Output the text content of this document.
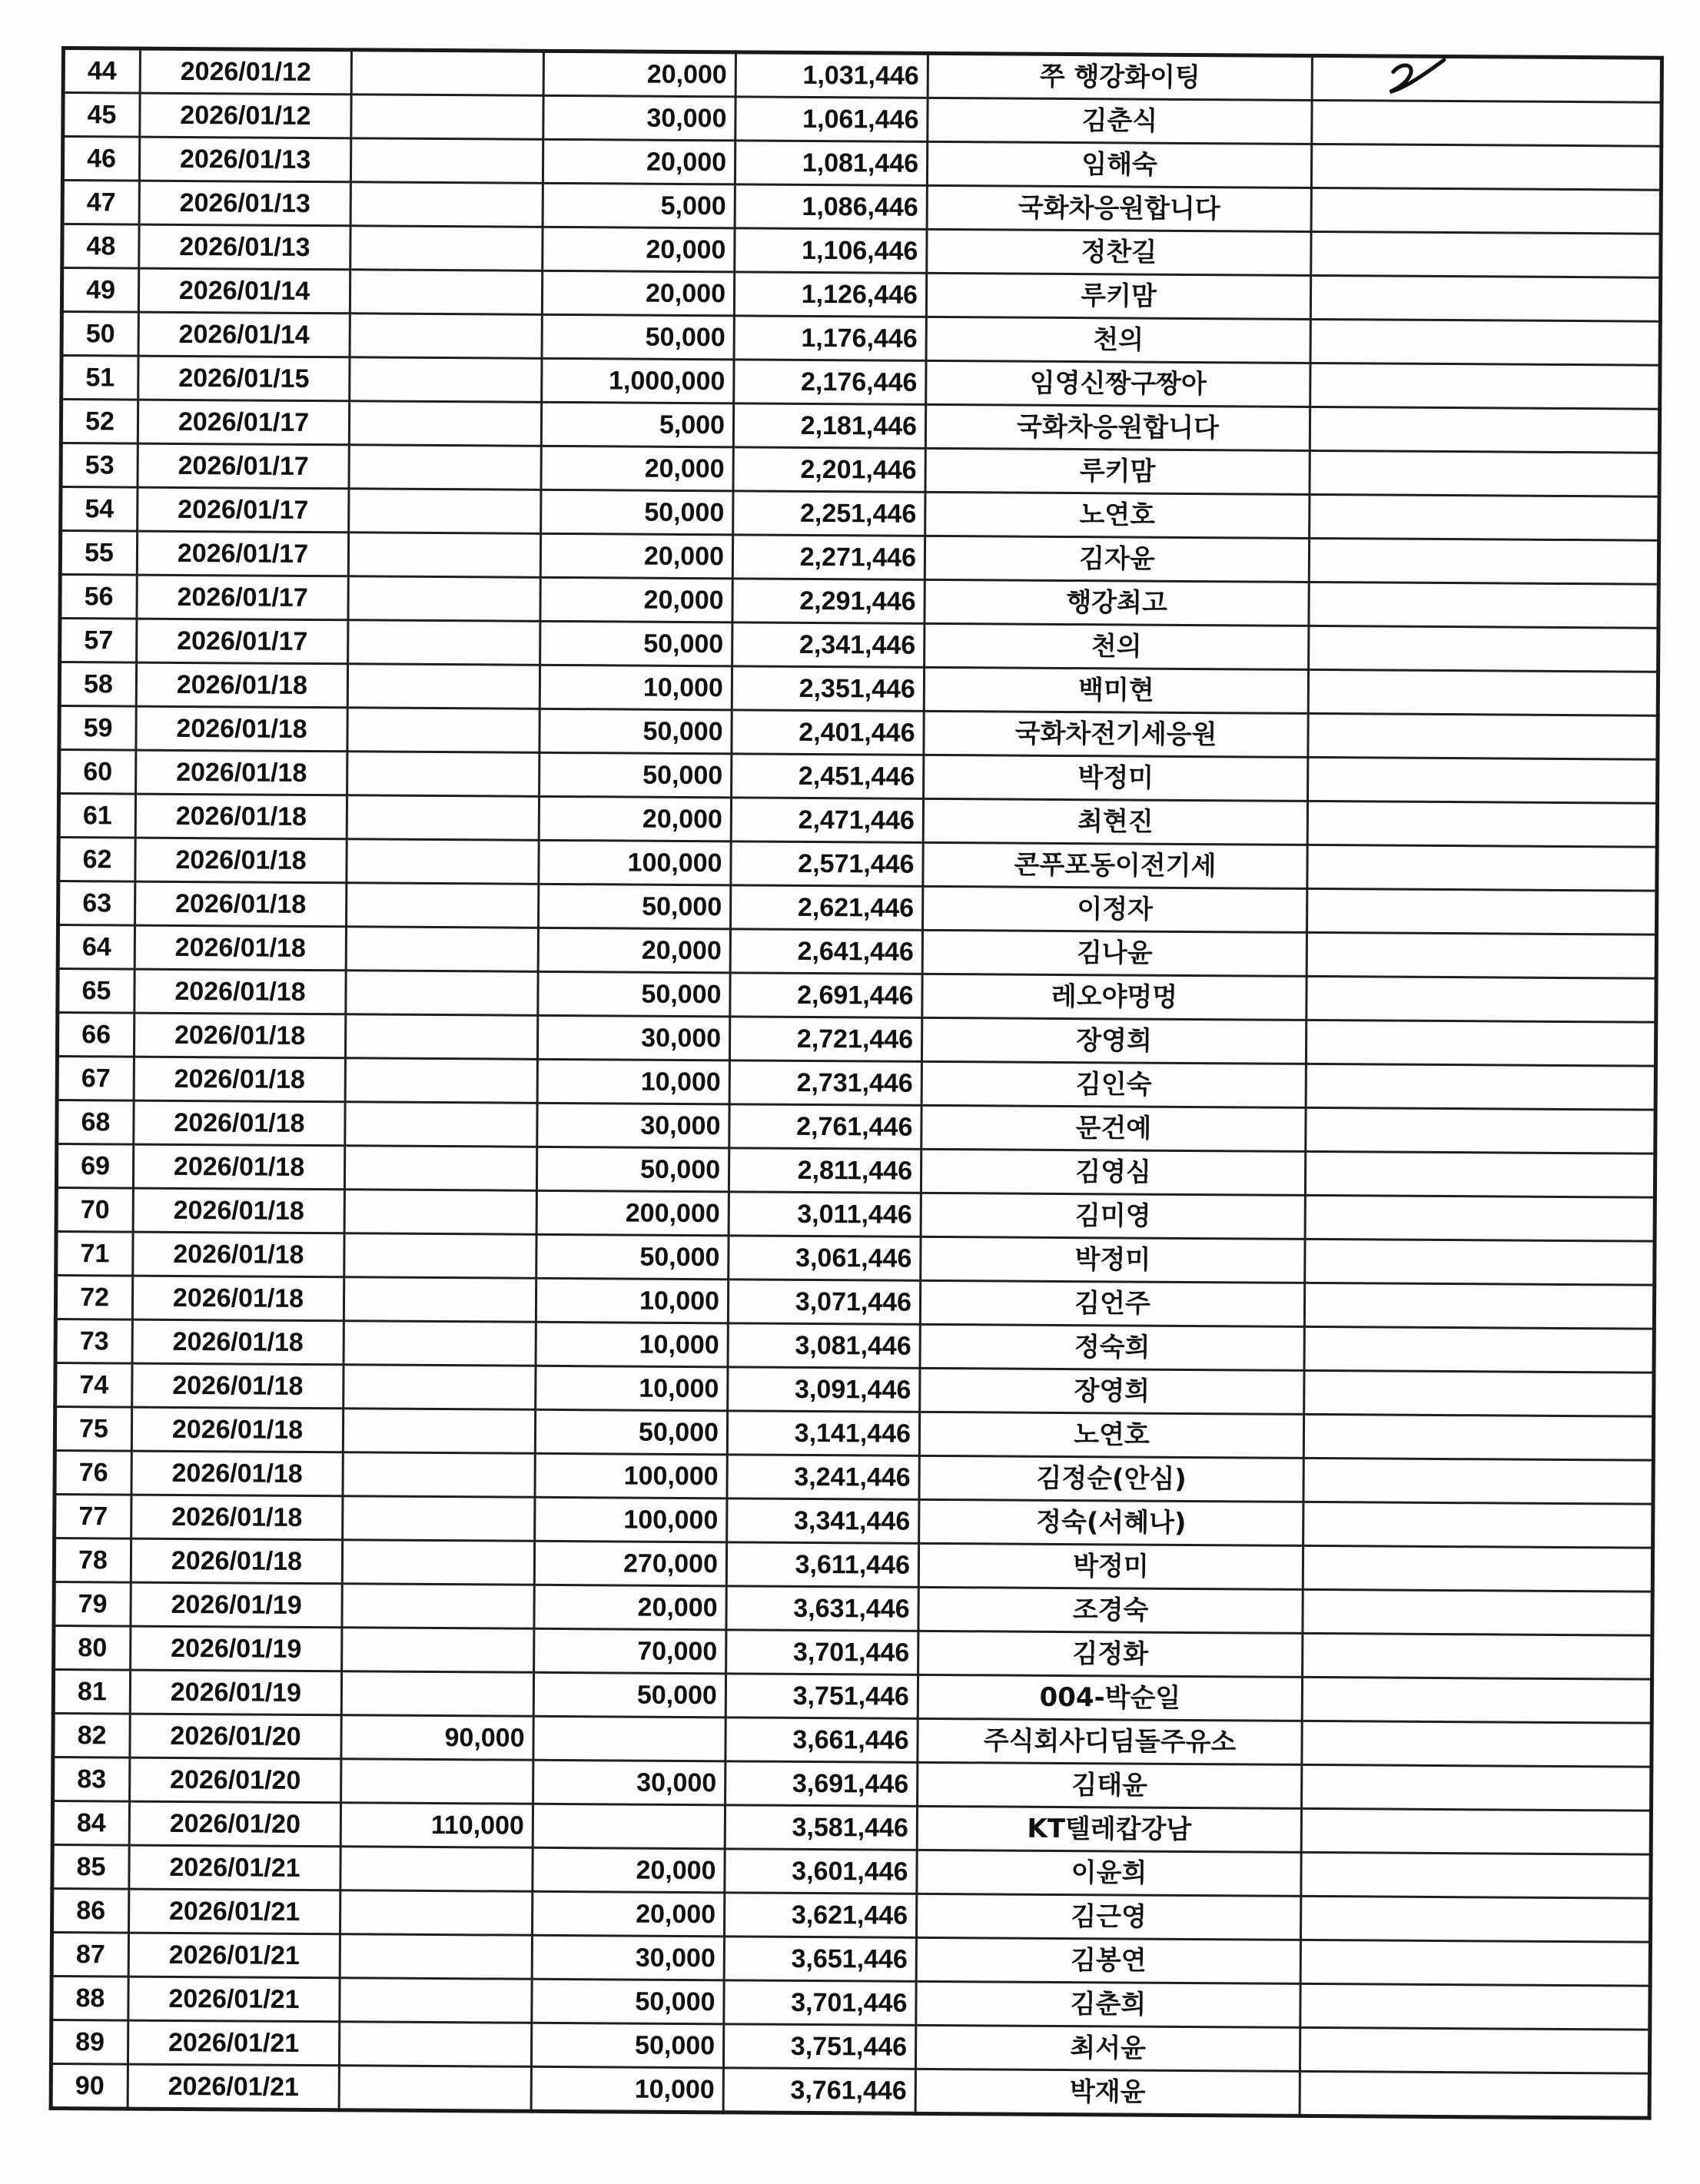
44	2026/01/12		20,000	1,031,446	쭈 행강화이팅	

45	2026/01/12		30,000	1,061,446	김춘식	
46	2026/01/13		20,000	1,081,446	임해숙	
47	2026/01/13		5,000	1,086,446	국화차응원합니다	
48	2026/01/13		20,000	1,106,446	정찬길	
49	2026/01/14		20,000	1,126,446	루키맘	
50	2026/01/14		50,000	1,176,446	천의	
51	2026/01/15		1,000,000	2,176,446	임영신짱구짱아	
52	2026/01/17		5,000	2,181,446	국화차응원합니다	
53	2026/01/17		20,000	2,201,446	루키맘	
54	2026/01/17		50,000	2,251,446	노연호	
55	2026/01/17		20,000	2,271,446	김자윤	
56	2026/01/17		20,000	2,291,446	행강최고	
57	2026/01/17		50,000	2,341,446	천의	
58	2026/01/18		10,000	2,351,446	백미현	
59	2026/01/18		50,000	2,401,446	국화차전기세응원	
60	2026/01/18		50,000	2,451,446	박정미	
61	2026/01/18		20,000	2,471,446	최현진	
62	2026/01/18		100,000	2,571,446	콘푸포동이전기세	
63	2026/01/18		50,000	2,621,446	이정자	
64	2026/01/18		20,000	2,641,446	김나윤	
65	2026/01/18		50,000	2,691,446	레오야멍멍	
66	2026/01/18		30,000	2,721,446	장영희	
67	2026/01/18		10,000	2,731,446	김인숙	
68	2026/01/18		30,000	2,761,446	문건예	
69	2026/01/18		50,000	2,811,446	김영심	
70	2026/01/18		200,000	3,011,446	김미영	
71	2026/01/18		50,000	3,061,446	박정미	
72	2026/01/18		10,000	3,071,446	김언주	
73	2026/01/18		10,000	3,081,446	정숙희	
74	2026/01/18		10,000	3,091,446	장영희	
75	2026/01/18		50,000	3,141,446	노연호	
76	2026/01/18		100,000	3,241,446	김정순(안심)	
77	2026/01/18		100,000	3,341,446	정숙(서혜나)	
78	2026/01/18		270,000	3,611,446	박정미	
79	2026/01/19		20,000	3,631,446	조경숙	
80	2026/01/19		70,000	3,701,446	김정화	
81	2026/01/19		50,000	3,751,446	004-박순일	
82	2026/01/20	90,000		3,661,446	주식회사디딤돌주유소	
83	2026/01/20		30,000	3,691,446	김태윤	
84	2026/01/20	110,000		3,581,446	KT텔레캅강남	
85	2026/01/21		20,000	3,601,446	이윤희	
86	2026/01/21		20,000	3,621,446	김근영	
87	2026/01/21		30,000	3,651,446	김봉연	
88	2026/01/21		50,000	3,701,446	김춘희	
89	2026/01/21		50,000	3,751,446	최서윤	
90	2026/01/21		10,000	3,761,446	박재윤	
